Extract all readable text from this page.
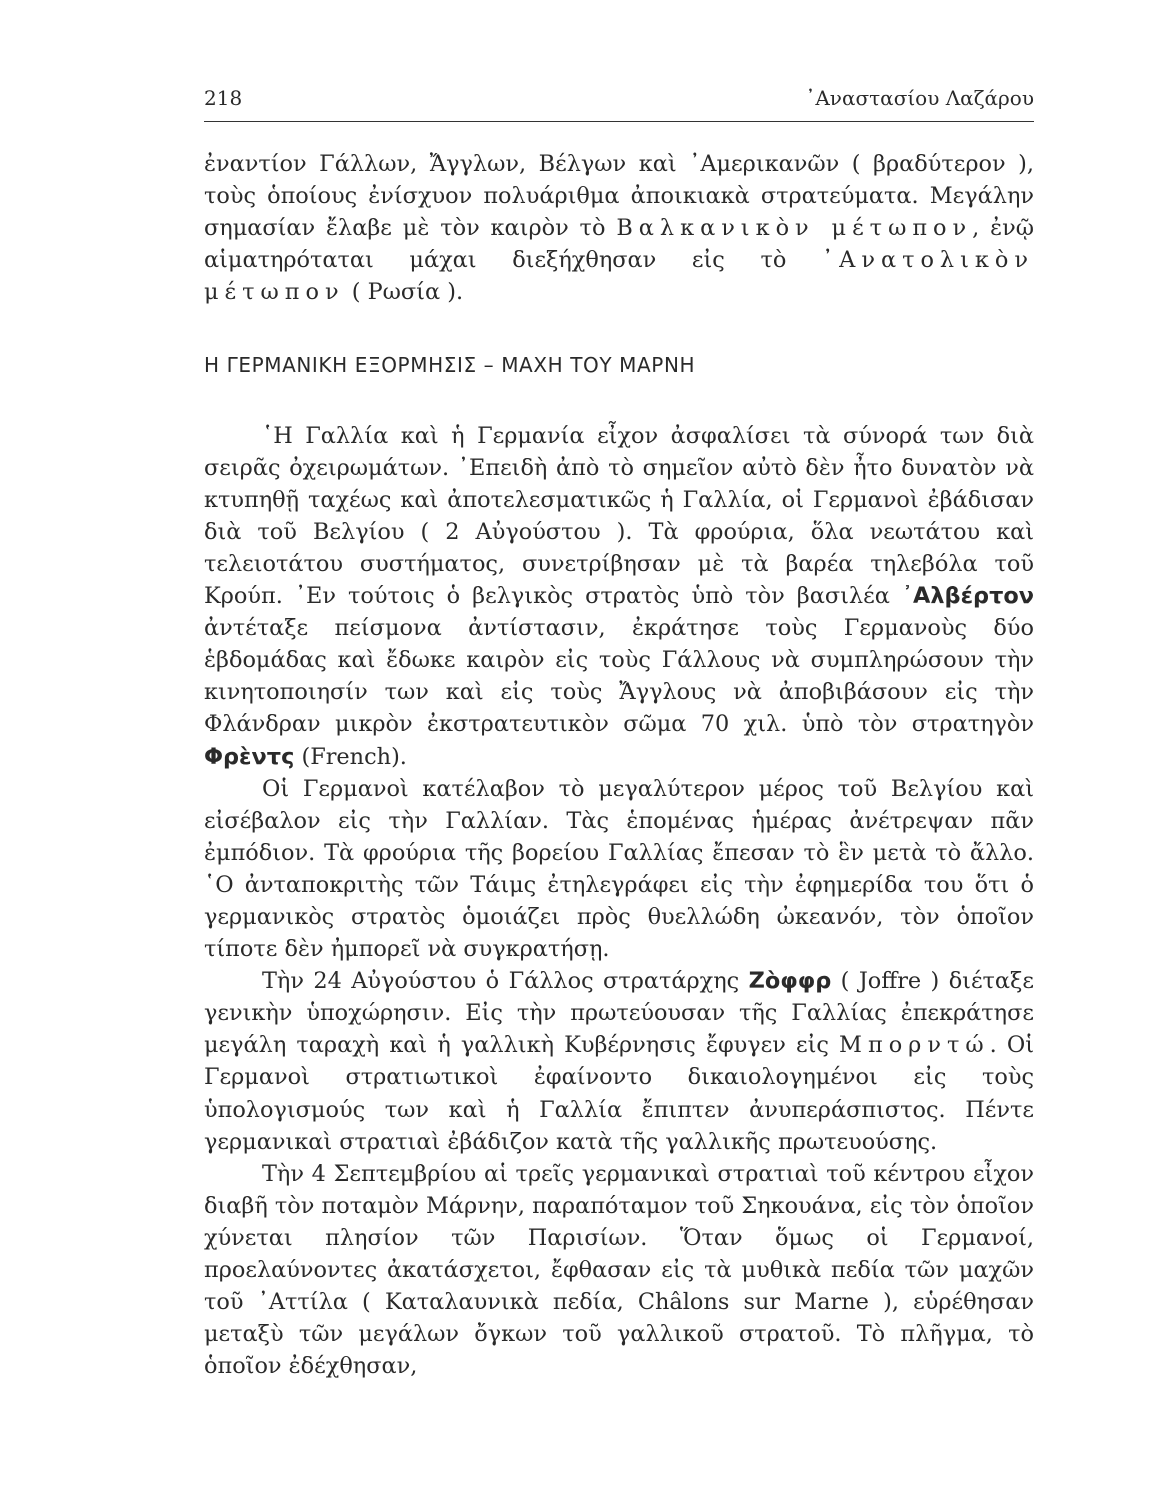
218	᾿Αναστασίου Λαζάρου

ἐναντίον Γάλλων, Ἄγγλων, Βέλγων καὶ ᾿Αμερικανῶν ( βραδύτερον ), τοὺς ὁποίους ἐνίσχυον πολυάριθμα ἀποικιακὰ στρατεύματα. Μεγάλην σημασίαν ἔλαβε μὲ τὸν καιρὸν τὸ Βαλκανικὸν μέτωπον, ἐνῷ αἱματηρόταται μάχαι διεξήχθησαν εἰς τὸ ᾿Ανατολικὸν μέτωπον ( Ρωσία ).

Η ΓΕΡΜΑΝΙΚΗ ΕΞΟΡΜΗΣΙΣ – ΜΑΧΗ ΤΟΥ ΜΑΡΝΗ

῾Η Γαλλία καὶ ἡ Γερμανία εἶχον ἀσφαλίσει τὰ σύνορά των διὰ σειρᾶς ὀχειρωμάτων. ᾿Επειδὴ ἀπὸ τὸ σημεῖον αὐτὸ δὲν ἦτο δυνατὸν νὰ κτυπηθῇ ταχέως καὶ ἀποτελεσματικῶς ἡ Γαλλία, οἱ Γερμανοὶ ἐβάδισαν διὰ τοῦ Βελγίου ( 2 Αὐγούστου ). Τὰ φρούρια, ὅλα νεωτάτου καὶ τελειοτάτου συστήματος, συνετρίβησαν μὲ τὰ βαρέα τηλεβόλα τοῦ Κρούπ. ᾿Εν τούτοις ὁ βελγικὸς στρατὸς ὑπὸ τὸν βασιλέα ᾿Αλβέρτον ἀντέταξε πείσμονα ἀντίστασιν, ἐκράτησε τοὺς Γερμανοὺς δύο ἑβδομάδας καὶ ἔδωκε καιρὸν εἰς τοὺς Γάλλους νὰ συμπληρώσουν τὴν κινητοποιησίν των καὶ εἰς τοὺς Ἄγγλους νὰ ἀποβιβάσουν εἰς τὴν Φλάνδραν μικρὸν ἐκστρατευτικὸν σῶμα 70 χιλ. ὑπὸ τὸν στρατηγὸν Φρὲντς (French).

Οἱ Γερμανοὶ κατέλαβον τὸ μεγαλύτερον μέρος τοῦ Βελγίου καὶ εἰσέβαλον εἰς τὴν Γαλλίαν. Τὰς ἑπομένας ἡμέρας ἀνέτρεψαν πᾶν ἐμπόδιον. Τὰ φρούρια τῆς βορείου Γαλλίας ἔπεσαν τὸ ἓν μετὰ τὸ ἄλλο. ῾Ο ἀνταποκριτὴς τῶν Τάιμς ἐτηλεγράφει εἰς τὴν ἐφημερίδα του ὅτι ὁ γερμανικὸς στρατὸς ὁμοιάζει πρὸς θυελλώδη ὠκεανόν, τὸν ὁποῖον τίποτε δὲν ἠμπορεῖ νὰ συγκρατήσῃ.

Τὴν 24 Αὐγούστου ὁ Γάλλος στρατάρχης Ζὸφφρ ( Joffre ) διέταξε γενικὴν ὑποχώρησιν. Εἰς τὴν πρωτεύουσαν τῆς Γαλλίας ἐπεκράτησε μεγάλη ταραχὴ καὶ ἡ γαλλικὴ Κυβέρνησις ἔφυγεν εἰς Μπορντώ. Οἱ Γερμανοὶ στρατιωτικοὶ ἐφαίνοντο δικαιολογημένοι εἰς τοὺς ὑπολογισμούς των καὶ ἡ Γαλλία ἔπιπτεν ἀνυπεράσπιστος. Πέντε γερμανικαὶ στρατιαὶ ἐβάδιζον κατὰ τῆς γαλλικῆς πρωτευούσης.

Τὴν 4 Σεπτεμβρίου αἱ τρεῖς γερμανικαὶ στρατιαὶ τοῦ κέντρου εἶχον διαβῆ τὸν ποταμὸν Μάρνην, παραπόταμον τοῦ Σηκουάνα, εἰς τὸν ὁποῖον χύνεται πλησίον τῶν Παρισίων. Ὅταν ὅμως οἱ Γερμανοί, προελαύνοντες ἀκατάσχετοι, ἔφθασαν εἰς τὰ μυθικὰ πεδία τῶν μαχῶν τοῦ ᾿Αττίλα ( Καταλαυνικὰ πεδία, Châlons sur Marne ), εὑρέθησαν μεταξὺ τῶν μεγάλων ὄγκων τοῦ γαλλικοῦ στρατοῦ. Τὸ πλῆγμα, τὸ ὁποῖον ἐδέχθησαν,
